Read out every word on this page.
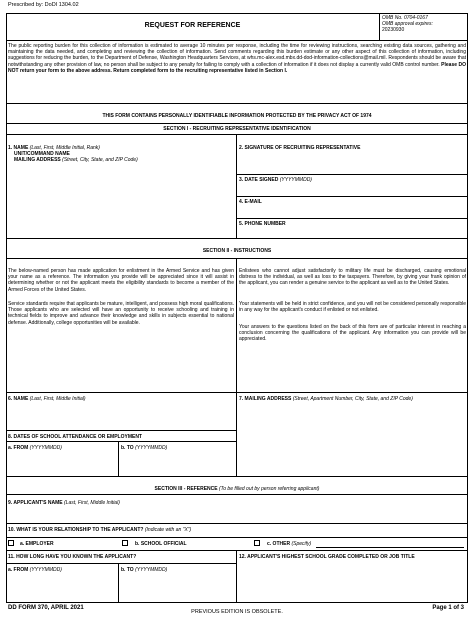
Prescribed by: DoDI 1304.02
REQUEST FOR REFERENCE
OMB No. 0704-0167
OMB approval expires:
20230930
The public reporting burden for this collection of information is estimated to average 10 minutes per response, including the time for reviewing instructions, searching existing data sources, gathering and maintaining the data needed, and completing and reviewing the collection of information. Send comments regarding this burden estimate or any other aspect of this collection of information, including suggestions for reducing the burden, to the Department of Defense, Washington Headquarters Services, at whs.mc-alex.esd.mbx.dd-dod-information-collections@mail.mil. Respondents should be aware that notwithstanding any other provision of law, no person shall be subject to any penalty for failing to comply with a collection of information if it does not display a currently valid OMB control number. Please DO NOT return your form to the above address. Return completed form to the recruiting representative listed in Section I.
THIS FORM CONTAINS PERSONALLY IDENTIFIABLE INFORMATION PROTECTED BY THE PRIVACY ACT OF 1974
SECTION I - RECRUITING REPRESENTATIVE IDENTIFICATION
1. NAME (Last, First, Middle Initial, Rank)
UNIT/COMMAND NAME
MAILING ADDRESS (Street, City, State, and ZIP Code)
2. SIGNATURE OF RECRUITING REPRESENTATIVE
3. DATE SIGNED (YYYYMMDD)
4. E-MAIL
5. PHONE NUMBER
SECTION II - INSTRUCTIONS
The below-named person has made application for enlistment in the Armed Service and has given your name as a reference. The information you provide will be appreciated since it will assist in determining whether or not the applicant meets the eligibility standards to become a member of the Armed Forces of the United States.
Service standards require that applicants be mature, intelligent, and possess high moral qualifications. Those applicants who are selected will have an opportunity to receive schooling and training in technical fields to improve and advance their knowledge and skills in subjects essential to national defense. Additionally, college opportunities will be available.
Enlistees who cannot adjust satisfactorily to military life must be discharged, causing emotional distress to the individual, as well as loss to the taxpayers. Therefore, by giving your frank opinion of the applicant, you can render a genuine service to the applicant as well as to the United States.
Your statements will be held in strict confidence, and you will not be considered personally responsible in any way for the applicant's conduct if enlisted or not enlisted.
Your answers to the questions listed on the back of this form are of particular interest in reaching a conclusion concerning the qualifications of the applicant. Any information you can provide will be appreciated.
6. NAME (Last, First, Middle Initial)	7. MAILING ADDRESS (Street, Apartment Number, City, State, and ZIP Code)
8. DATES OF SCHOOL ATTENDANCE OR EMPLOYMENT
a. FROM (YYYYMMDD)	b. TO (YYYYMMDD)
SECTION III - REFERENCE (To be filled out by person referring applicant)
9. APPLICANT'S NAME (Last, First, Middle Initial)
10. WHAT IS YOUR RELATIONSHIP TO THE APPLICANT? (Indicate with an "X")
a. EMPLOYER	b. SCHOOL OFFICIAL	c. OTHER (Specify)
11. HOW LONG HAVE YOU KNOWN THE APPLICANT?
a. FROM (YYYYMMDD)	b. TO (YYYYMMDD)
12. APPLICANT'S HIGHEST SCHOOL GRADE COMPLETED OR JOB TITLE
DD FORM 370, APRIL 2021
PREVIOUS EDITION IS OBSOLETE.
Page 1 of 3
